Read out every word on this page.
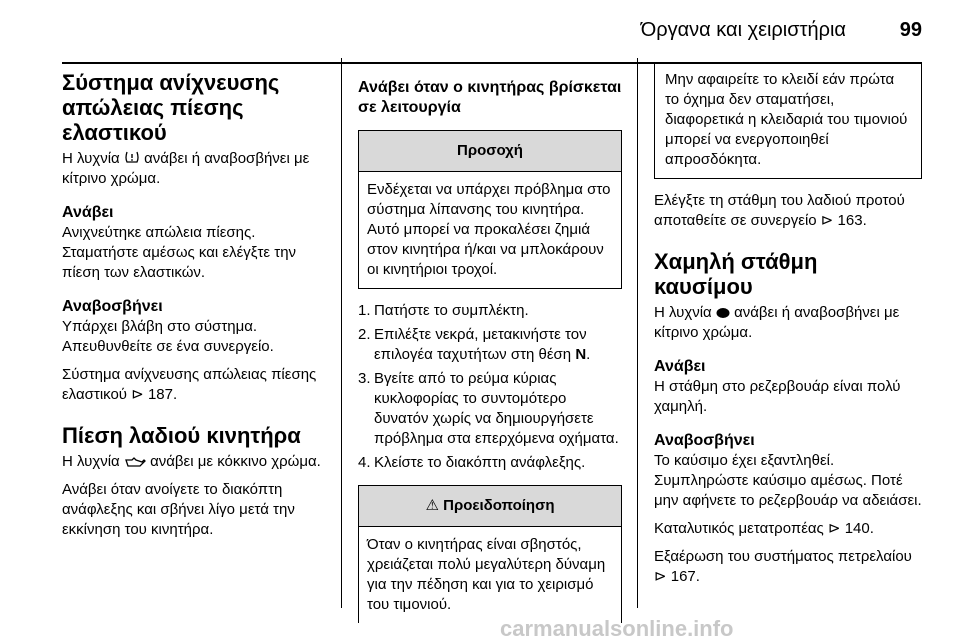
Όργανα και χειριστήρια	99
Σύστημα ανίχνευσης απώλειας πίεσης ελαστικού

Η λυχνία ανάβει ή αναβοσβήνει με κίτρινο χρώμα.

Ανάβει

Ανιχνεύτηκε απώλεια πίεσης. Σταματήστε αμέσως και ελέγξτε την πίεση των ελαστικών.

Αναβοσβήνει

Υπάρχει βλάβη στο σύστημα. Απευθυνθείτε σε ένα συνεργείο.

Σύστημα ανίχνευσης απώλειας πίεσης ελαστικού ⊳ 187.

Πίεση λαδιού κινητήρα

Η λυχνία ανάβει με κόκκινο χρώμα.

Ανάβει όταν ανοίγετε το διακόπτη ανάφλεξης και σβήνει λίγο μετά την εκκίνηση του κινητήρα.

Ανάβει όταν ο κινητήρας βρίσκεται σε λειτουργία
Προσοχή
Ενδέχεται να υπάρχει πρόβλημα στο σύστημα λίπανσης του κινητήρα. Αυτό μπορεί να προκαλέσει ζημιά στον κινητήρα ή/και να μπλοκάρουν οι κινητήριοι τροχοί.
1. Πατήστε το συμπλέκτη.
2. Επιλέξτε νεκρά, μετακινήστε τον επιλογέα ταχυτήτων στη θέση N.
3. Βγείτε από το ρεύμα κύριας κυκλοφορίας το συντομότερο δυνατόν χωρίς να δημιουργήσετε πρόβλημα στα επερχόμενα οχήματα.
4. Κλείστε το διακόπτη ανάφλεξης.
⚠ Προειδοποίηση
Όταν ο κινητήρας είναι σβηστός, χρειάζεται πολύ μεγαλύτερη δύναμη για την πέδηση και για το χειρισμό του τιμονιού.
Μην αφαιρείτε το κλειδί εάν πρώτα το όχημα δεν σταματήσει, διαφορετικά η κλειδαριά του τιμονιού μπορεί να ενεργοποιηθεί απροσδόκητα.

Ελέγξτε τη στάθμη του λαδιού προτού αποταθείτε σε συνεργείο ⊳ 163.

Χαμηλή στάθμη καυσίμου

Η λυχνία ανάβει ή αναβοσβήνει με κίτρινο χρώμα.

Ανάβει

Η στάθμη στο ρεζερβουάρ είναι πολύ χαμηλή.

Αναβοσβήνει

Το καύσιμο έχει εξαντληθεί. Συμπληρώστε καύσιμο αμέσως. Ποτέ μην αφήνετε το ρεζερβουάρ να αδειάσει.

Καταλυτικός μετατροπέας ⊳ 140.

Εξαέρωση του συστήματος πετρελαίου ⊳ 167.

carmanualsonline.info
